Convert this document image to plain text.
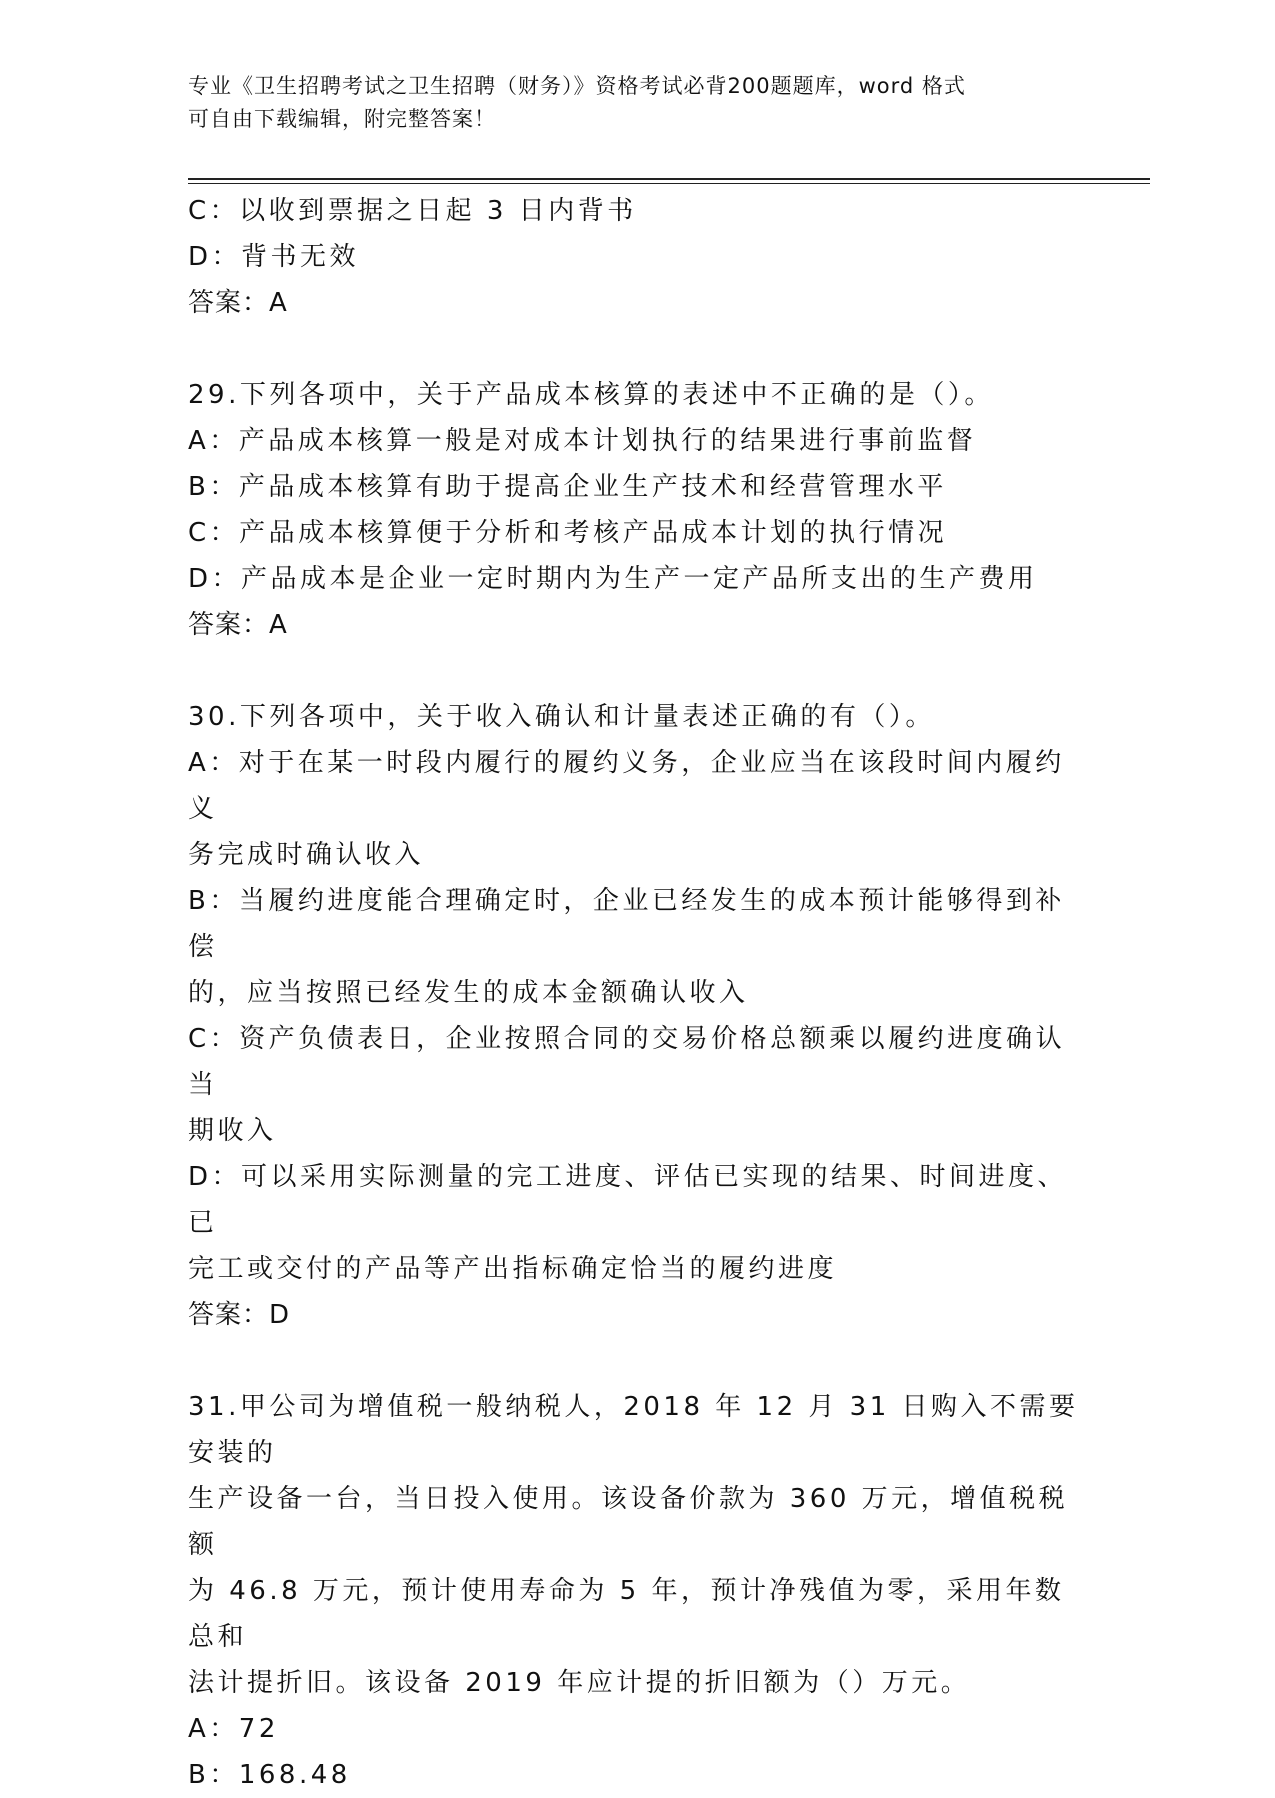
专业《卫生招聘考试之卫生招聘（财务）》资格考试必背200题题库，word 格式
可自由下载编辑，附完整答案！

C：以收到票据之日起 3 日内背书

D：背书无效

答案：A

29.下列各项中，关于产品成本核算的表述中不正确的是（）。

A：产品成本核算一般是对成本计划执行的结果进行事前监督

B：产品成本核算有助于提高企业生产技术和经营管理水平

C：产品成本核算便于分析和考核产品成本计划的执行情况

D：产品成本是企业一定时期内为生产一定产品所支出的生产费用

答案：A

30.下列各项中，关于收入确认和计量表述正确的有（）。

A：对于在某一时段内履行的履约义务，企业应当在该段时间内履约义

务完成时确认收入

B：当履约进度能合理确定时，企业已经发生的成本预计能够得到补偿

的，应当按照已经发生的成本金额确认收入

C：资产负债表日，企业按照合同的交易价格总额乘以履约进度确认当

期收入

D：可以采用实际测量的完工进度、评估已实现的结果、时间进度、已

完工或交付的产品等产出指标确定恰当的履约进度

答案：D

31.甲公司为增值税一般纳税人，2018 年 12 月 31 日购入不需要安装的

生产设备一台，当日投入使用。该设备价款为 360 万元，增值税税额

为 46.8 万元，预计使用寿命为 5 年，预计净残值为零，采用年数总和

法计提折旧。该设备 2019 年应计提的折旧额为（）万元。

A：72

B：168.48
